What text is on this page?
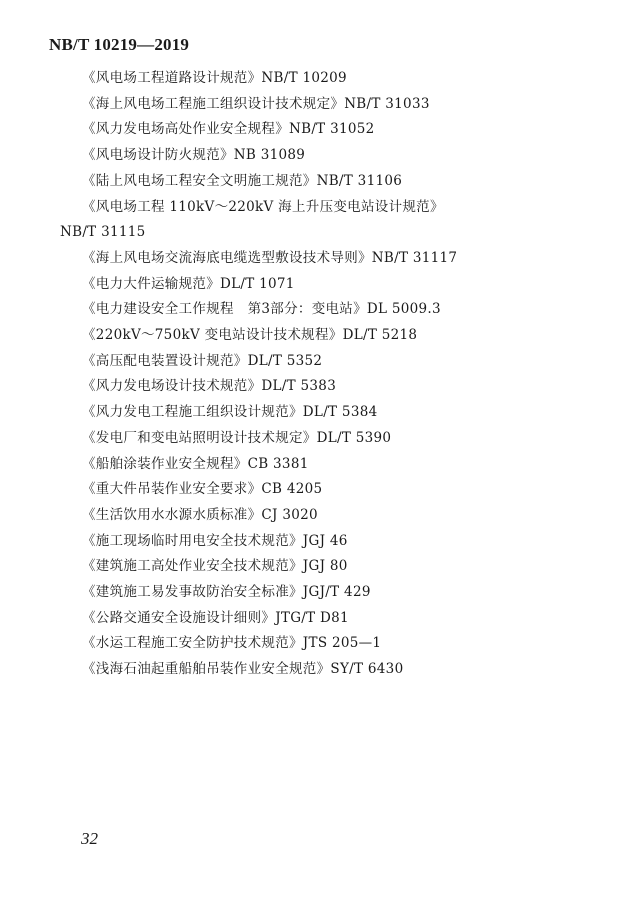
NB/T 10219—2019
《风电场工程道路设计规范》NB/T 10209
《海上风电场工程施工组织设计技术规定》NB/T 31033
《风力发电场高处作业安全规程》NB/T 31052
《风电场设计防火规范》NB 31089
《陆上风电场工程安全文明施工规范》NB/T 31106
《风电场工程 110kV～220kV 海上升压变电站设计规范》
NB/T 31115
《海上风电场交流海底电缆选型敷设技术导则》NB/T 31117
《电力大件运输规范》DL/T 1071
《电力建设安全工作规程　第3部分：变电站》DL 5009.3
《220kV～750kV 变电站设计技术规程》DL/T 5218
《高压配电装置设计规范》DL/T 5352
《风力发电场设计技术规范》DL/T 5383
《风力发电工程施工组织设计规范》DL/T 5384
《发电厂和变电站照明设计技术规定》DL/T 5390
《船舶涂装作业安全规程》CB 3381
《重大件吊装作业安全要求》CB 4205
《生活饮用水水源水质标准》CJ 3020
《施工现场临时用电安全技术规范》JGJ 46
《建筑施工高处作业安全技术规范》JGJ 80
《建筑施工易发事故防治安全标准》JGJ/T 429
《公路交通安全设施设计细则》JTG/T D81
《水运工程施工安全防护技术规范》JTS 205—1
《浅海石油起重船舶吊装作业安全规范》SY/T 6430
32
